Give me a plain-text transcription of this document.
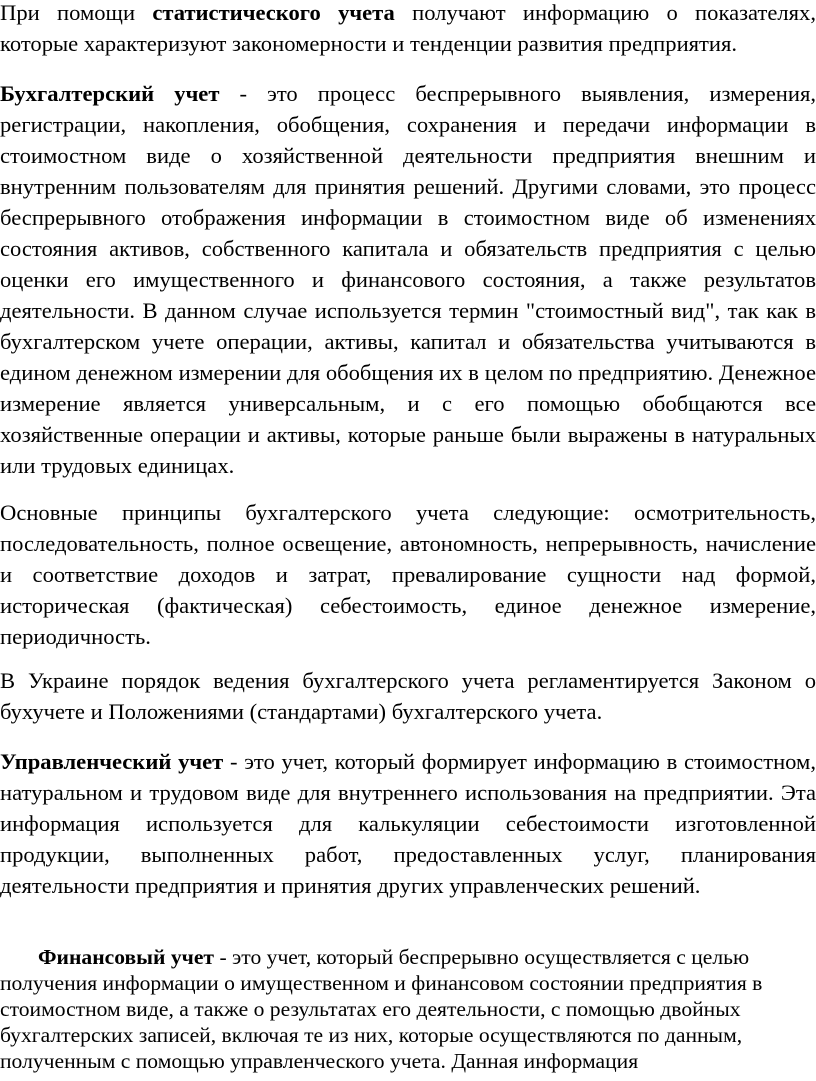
При помощи статистического учета получают информацию о показателях, которые характеризуют закономерности и тенденции развития предприятия.

Бухгалтерский учет - это процесс беспрерывного выявления, измерения, регистрации, накопления, обобщения, сохранения и передачи информации в стоимостном виде о хозяйственной деятельности предприятия внешним и внутренним пользователям для принятия решений. Другими словами, это процесс беспрерывного отображения информации в стоимостном виде об изменениях состояния активов, собственного капитала и обязательств предприятия с целью оценки его имущественного и финансового состояния, а также результатов деятельности. В данном случае используется термин "стоимостный вид", так как в бухгалтерском учете операции, активы, капитал и обязательства учитываются в едином денежном измерении для обобщения их в целом по предприятию. Денежное измерение является универсальным, и с его помощью обобщаются все хозяйственные операции и активы, которые раньше были выражены в натуральных или трудовых единицах.

Основные принципы бухгалтерского учета следующие: осмотрительность, последовательность, полное освещение, автономность, непрерывность, начисление и соответствие доходов и затрат, превалирование сущности над формой, историческая (фактическая) себестоимость, единое денежное измерение, периодичность.

В Украине порядок ведения бухгалтерского учета регламентируется Законом о бухучете и Положениями (стандартами) бухгалтерского учета.

Управленческий учет - это учет, который формирует информацию в стоимостном, натуральном и трудовом виде для внутреннего использования на предприятии. Эта информация используется для калькуляции себестоимости изготовленной продукции, выполненных работ, предоставленных услуг, планирования деятельности предприятия и принятия других управленческих решений.

Финансовый учет - это учет, который беспрерывно осуществляется с целью получения информации о имущественном и финансовом состоянии предприятия в стоимостном виде, а также о результатах его деятельности, с помощью двойных бухгалтерских записей, включая те из них, которые осуществляются по данным, полученным с помощью управленческого учета. Данная информация
